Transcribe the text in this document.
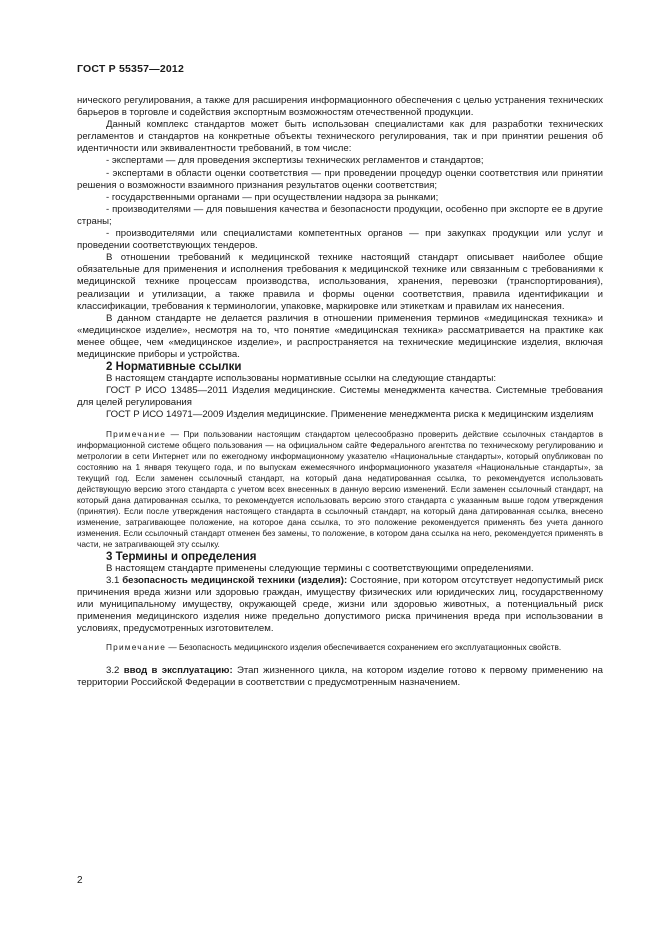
ГОСТ Р 55357—2012

нического регулирования, а также для расширения информационного обеспечения с целью устранения технических барьеров в торговле и содействия экспортным возможностям отечественной продукции.

Данный комплекс стандартов может быть использован специалистами как для разработки технических регламентов и стандартов на конкретные объекты технического регулирования, так и при принятии решения об идентичности или эквивалентности требований, в том числе:

- экспертами — для проведения экспертизы технических регламентов и стандартов;

- экспертами в области оценки соответствия — при проведении процедур оценки соответствия или принятии решения о возможности взаимного признания результатов оценки соответствия;

- государственными органами — при осуществлении надзора за рынками;

- производителями — для повышения качества и безопасности продукции, особенно при экспорте ее в другие страны;

- производителями или специалистами компетентных органов — при закупках продукции или услуг и проведении соответствующих тендеров.

В отношении требований к медицинской технике настоящий стандарт описывает наиболее общие обязательные для применения и исполнения требования к медицинской технике или связанным с требованиями к медицинской технике процессам производства, использования, хранения, перевозки (транспортирования), реализации и утилизации, а также правила и формы оценки соответствия, правила идентификации и классификации, требования к терминологии, упаковке, маркировке или этикеткам и правилам их нанесения.

В данном стандарте не делается различия в отношении применения терминов «медицинская техника» и «медицинское изделие», несмотря на то, что понятие «медицинская техника» рассматривается на практике как менее общее, чем «медицинское изделие», и распространяется на технические медицинские изделия, включая медицинские приборы и устройства.

2 Нормативные ссылки

В настоящем стандарте использованы нормативные ссылки на следующие стандарты:

ГОСТ Р ИСО 13485—2011 Изделия медицинские. Системы менеджмента качества. Системные требования для целей регулирования

ГОСТ Р ИСО 14971—2009 Изделия медицинские. Применение менеджмента риска к медицинским изделиям

Примечание — При пользовании настоящим стандартом целесообразно проверить действие ссылочных стандартов в информационной системе общего пользования — на официальном сайте Федерального агентства по техническому регулированию и метрологии в сети Интернет или по ежегодному информационному указателю «Национальные стандарты», который опубликован по состоянию на 1 января текущего года, и по выпускам ежемесячного информационного указателя «Национальные стандарты», за текущий год. Если заменен ссылочный стандарт, на который дана недатированная ссылка, то рекомендуется использовать действующую версию этого стандарта с учетом всех внесенных в данную версию изменений. Если заменен ссылочный стандарт, на который дана датированная ссылка, то рекомендуется использовать версию этого стандарта с указанным выше годом утверждения (принятия). Если после утверждения настоящего стандарта в ссылочный стандарт, на который дана датированная ссылка, внесено изменение, затрагивающее положение, на которое дана ссылка, то это положение рекомендуется применять без учета данного изменения. Если ссылочный стандарт отменен без замены, то положение, в котором дана ссылка на него, рекомендуется применять в части, не затрагивающей эту ссылку.

3 Термины и определения

В настоящем стандарте применены следующие термины с соответствующими определениями.

3.1 безопасность медицинской техники (изделия): Состояние, при котором отсутствует недопустимый риск причинения вреда жизни или здоровью граждан, имуществу физических или юридических лиц, государственному или муниципальному имуществу, окружающей среде, жизни или здоровью животных, а потенциальный риск применения медицинского изделия ниже предельно допустимого риска причинения вреда при использовании в условиях, предусмотренных изготовителем.

Примечание — Безопасность медицинского изделия обеспечивается сохранением его эксплуатационных свойств.

3.2 ввод в эксплуатацию: Этап жизненного цикла, на котором изделие готово к первому применению на территории Российской Федерации в соответствии с предусмотренным назначением.

2
